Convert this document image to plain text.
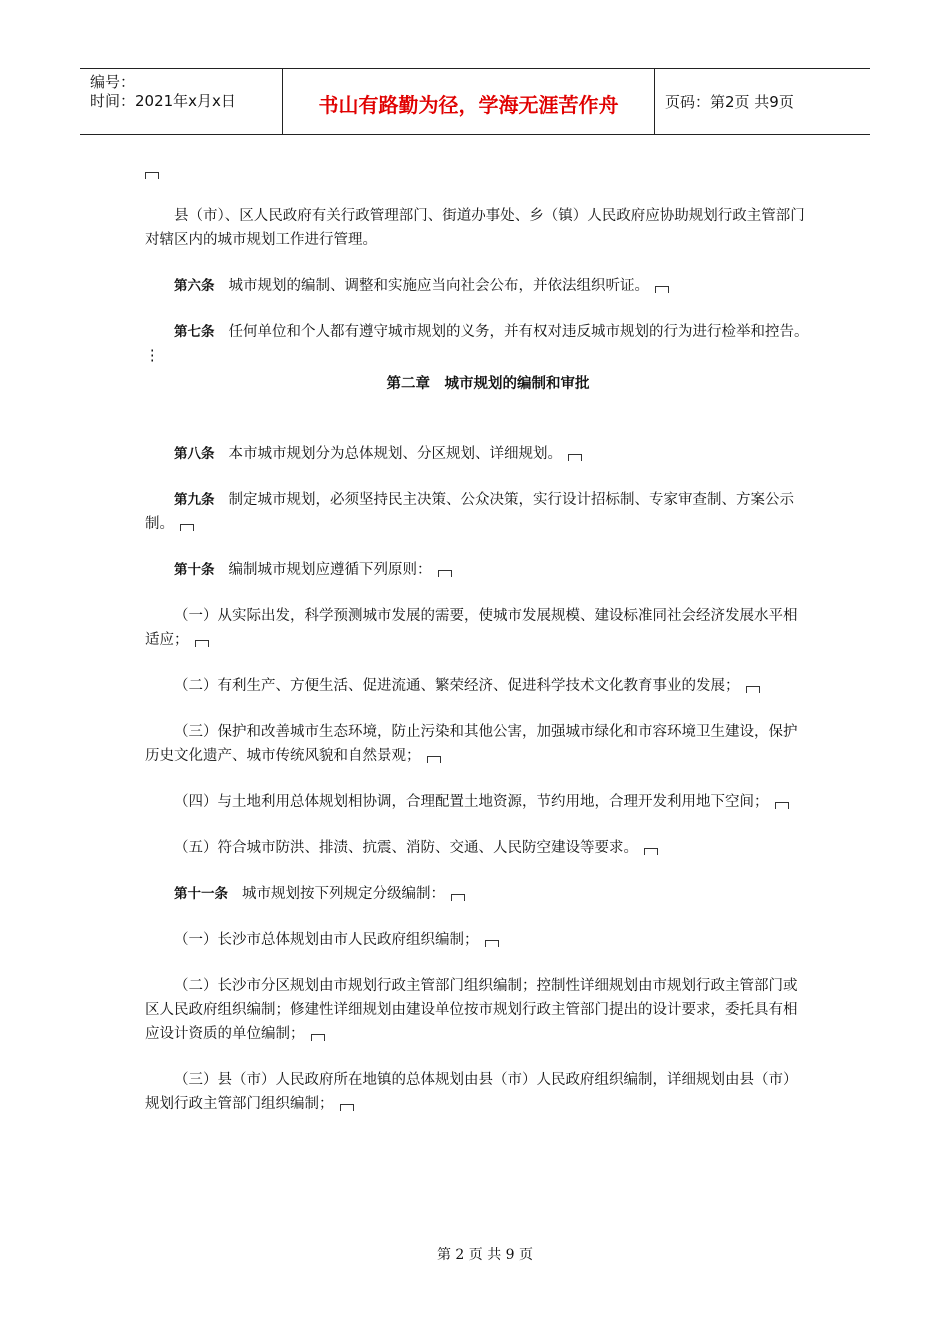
编号：
时间：2021年x月x日	书山有路勤为径，学海无涯苦作舟	页码：第2页 共9页

县（市）、区人民政府有关行政管理部门、街道办事处、乡（镇）人民政府应协助规划行政主管部门对辖区内的城市规划工作进行管理。

第六条 城市规划的编制、调整和实施应当向社会公布，并依法组织听证。

第七条 任何单位和个人都有遵守城市规划的义务，并有权对违反城市规划的行为进行检举和控告。 ⋮

第二章　城市规划的编制和审批

第八条 本市城市规划分为总体规划、分区规划、详细规划。

第九条 制定城市规划，必须坚持民主决策、公众决策，实行设计招标制、专家审查制、方案公示制。

第十条 编制城市规划应遵循下列原则：

（一）从实际出发，科学预测城市发展的需要，使城市发展规模、建设标准同社会经济发展水平相适应；

（二）有利生产、方便生活、促进流通、繁荣经济、促进科学技术文化教育事业的发展；

（三）保护和改善城市生态环境，防止污染和其他公害，加强城市绿化和市容环境卫生建设，保护历史文化遗产、城市传统风貌和自然景观；

（四）与土地利用总体规划相协调，合理配置土地资源，节约用地，合理开发利用地下空间；

（五）符合城市防洪、排渍、抗震、消防、交通、人民防空建设等要求。

第十一条 城市规划按下列规定分级编制：

（一）长沙市总体规划由市人民政府组织编制；

（二）长沙市分区规划由市规划行政主管部门组织编制；控制性详细规划由市规划行政主管部门或区人民政府组织编制；修建性详细规划由建设单位按市规划行政主管部门提出的设计要求，委托具有相应设计资质的单位编制；

（三）县（市）人民政府所在地镇的总体规划由县（市）人民政府组织编制，详细规划由县（市）规划行政主管部门组织编制；

第 2 页 共 9 页
